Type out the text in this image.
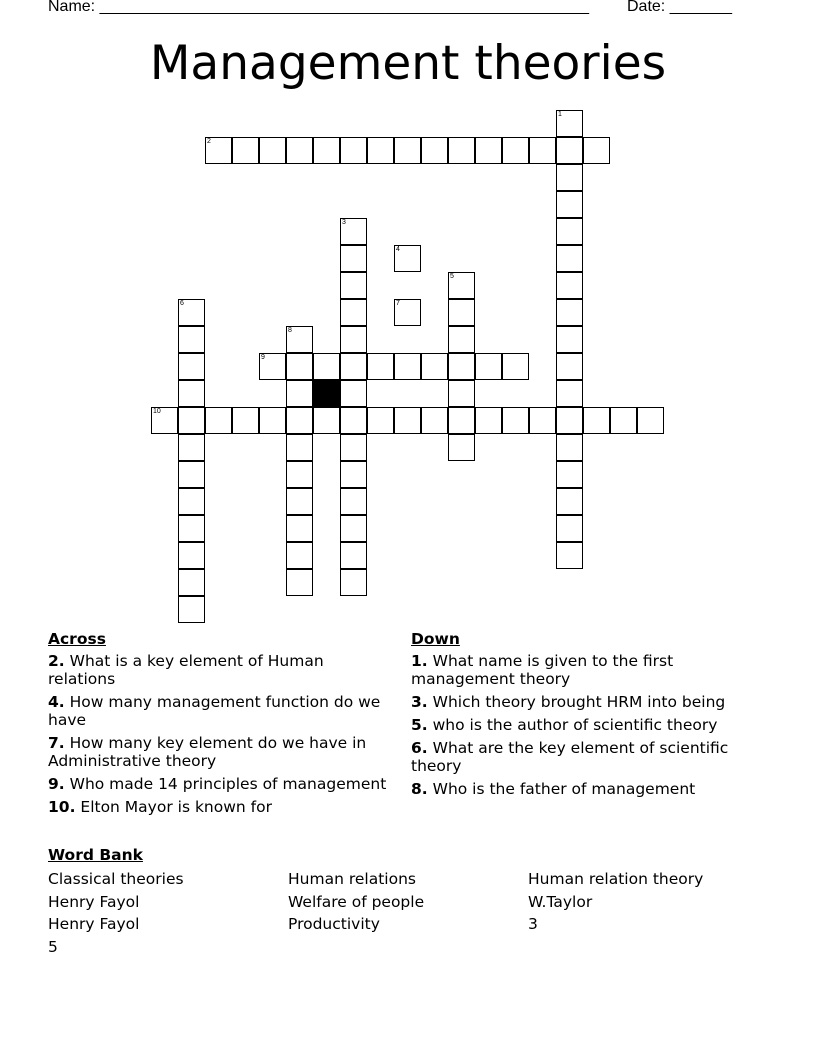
Name: _______________________________________________________ Date: _______
Management theories
1
2
3
4
5
6	7
8
9
10
Across
2. What is a key element of Human relations
4. How many management function do we have
7. How many key element do we have in Administrative theory
9. Who made 14 principles of management
10. Elton Mayor is known for
Down
1. What name is given to the first management theory
3. Which theory brought HRM into being
5. who is the author of scientific theory
6. What are the key element of scientific theory
8. Who is the father of management
Word Bank
Classical theories	Human relations	Human relation theory
Henry Fayol	Welfare of people	W.Taylor
Henry Fayol	Productivity	3
5
